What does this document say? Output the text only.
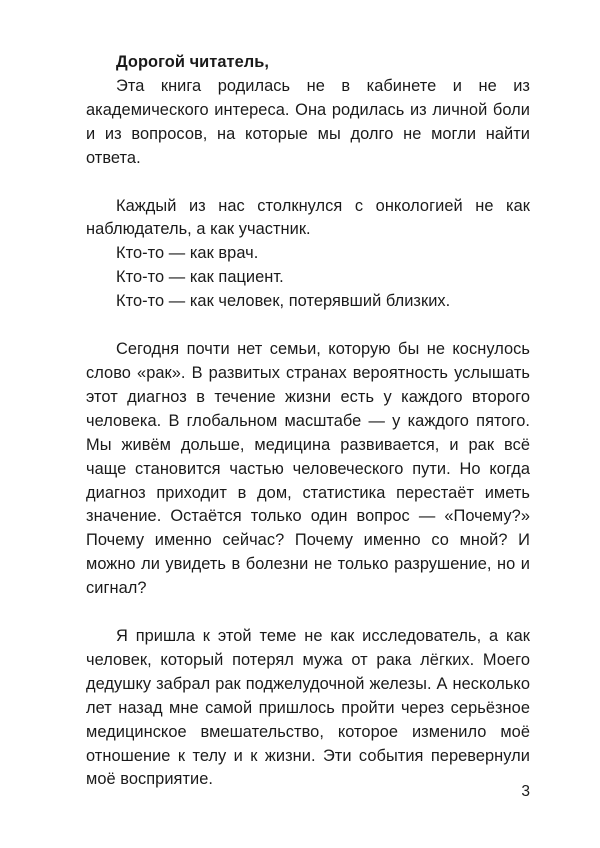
Дорогой читатель,

Эта книга родилась не в кабинете и не из академического интереса. Она родилась из личной боли и из вопросов, на которые мы долго не могли найти ответа.

Каждый из нас столкнулся с онкологией не как наблюдатель, а как участник.

Кто-то — как врач.

Кто-то — как пациент.

Кто-то — как человек, потерявший близких.

Сегодня почти нет семьи, которую бы не коснулось слово «рак». В развитых странах вероятность услышать этот диагноз в течение жизни есть у каждого второго человека. В глобальном масштабе — у каждого пятого. Мы живём дольше, медицина развивается, и рак всё чаще становится частью человеческого пути. Но когда диагноз приходит в дом, статистика перестаёт иметь значение. Остаётся только один вопрос — «Почему?» Почему именно сейчас? Почему именно со мной? И можно ли увидеть в болезни не только разрушение, но и сигнал?

Я пришла к этой теме не как исследователь, а как человек, который потерял мужа от рака лёгких. Моего дедушку забрал рак поджелудочной железы. А несколько лет назад мне самой пришлось пройти через серьёзное медицинское вмешательство, которое изменило моё отношение к телу и к жизни. Эти события перевернули моё восприятие.

3
